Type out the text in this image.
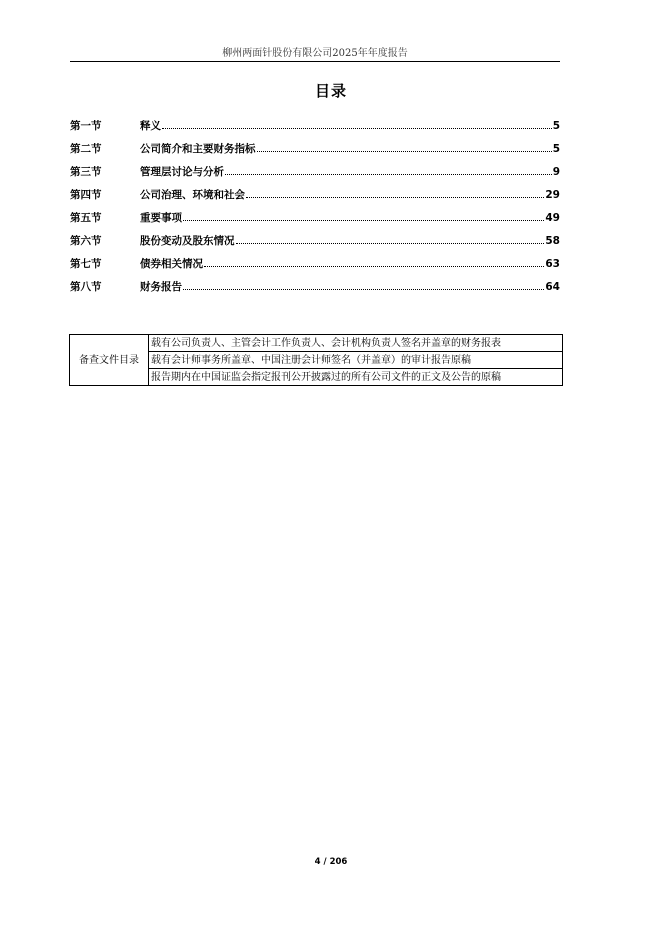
柳州两面针股份有限公司2025年年度报告
目录
第一节	释义	5
第二节	公司简介和主要财务指标	5
第三节	管理层讨论与分析	9
第四节	公司治理、环境和社会	29
第五节	重要事项	49
第六节	股份变动及股东情况	58
第七节	债券相关情况	63
第八节	财务报告	64
备查文件目录	载有公司负责人、主管会计工作负责人、会计机构负责人签名并盖章的财务报表
载有会计师事务所盖章、中国注册会计师签名（并盖章）的审计报告原稿
报告期内在中国证监会指定报刊公开披露过的所有公司文件的正文及公告的原稿
4 / 206
